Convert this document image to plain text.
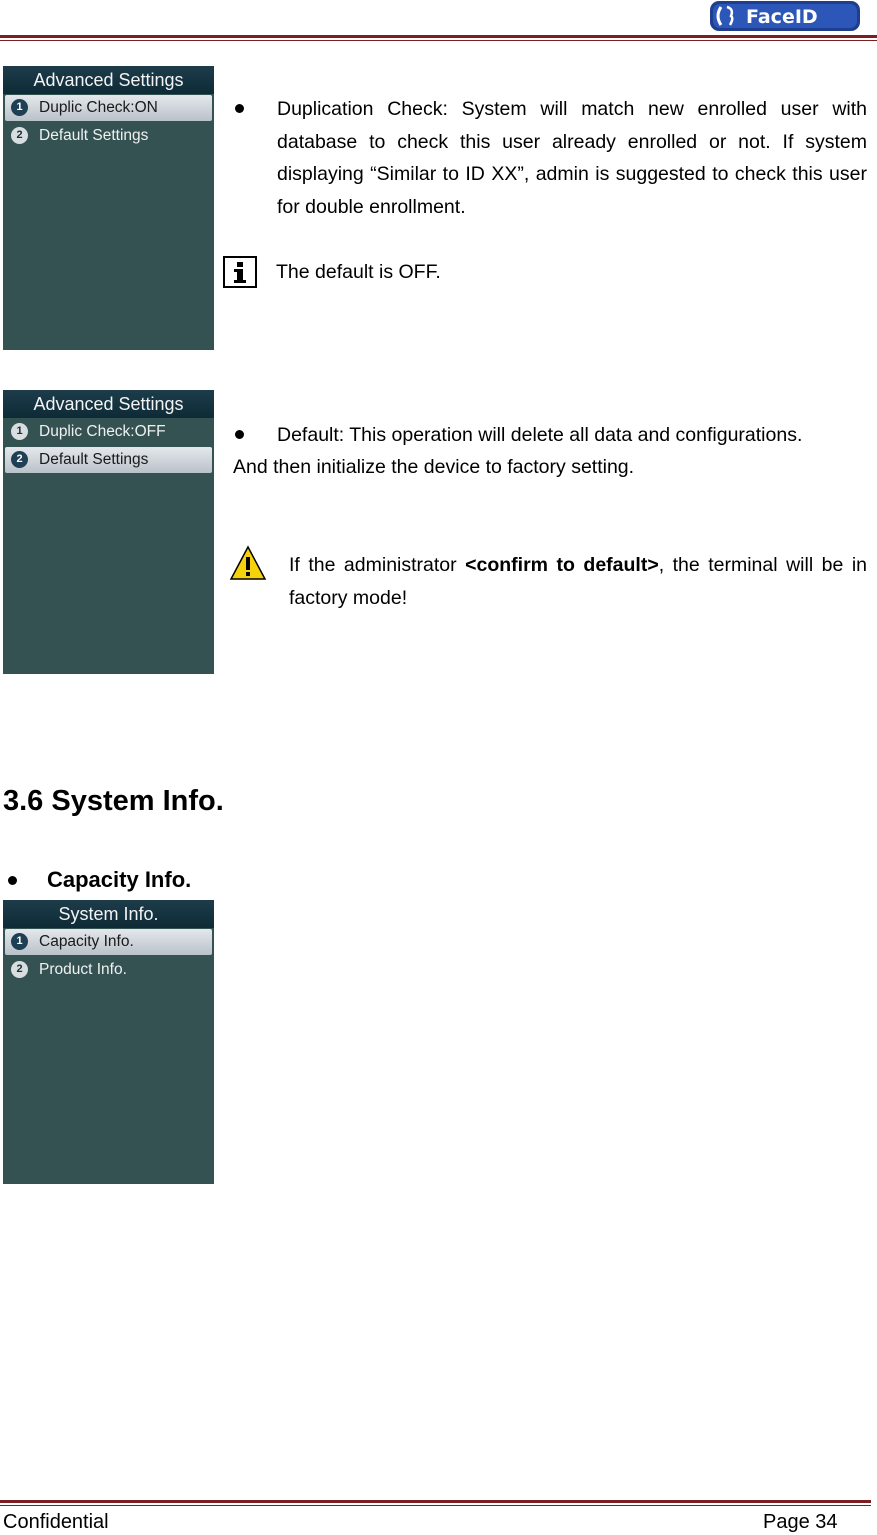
FaceID
Advanced Settings
1	Duplic Check:ON
2	Default Settings
Duplication Check: System will match new enrolled user with database to check this user already enrolled or not. If system displaying “Similar to ID XX”, admin is suggested to check this user for double enrollment.
The default is OFF.
Advanced Settings
1	Duplic Check:OFF
2	Default Settings
Default: This operation will delete all data and configurations.
And then initialize the device to factory setting.
If the administrator <confirm to default>, the terminal will be in factory mode!
3.6 System Info.
Capacity Info.
System Info.
1	Capacity Info.
2	Product Info.
Confidential	Page 34
